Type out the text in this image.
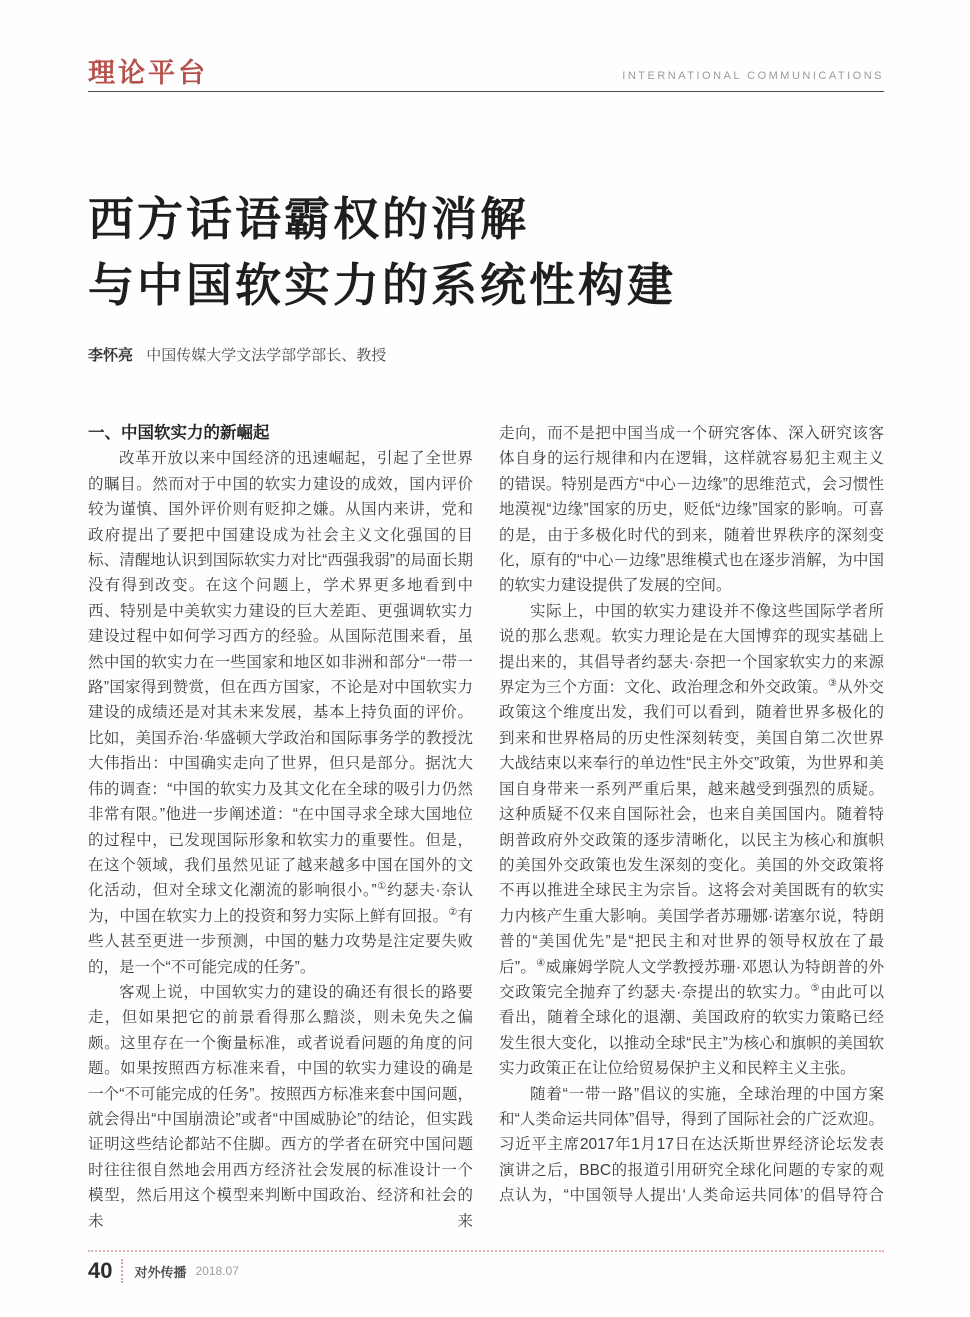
理论平台	INTERNATIONAL COMMUNICATIONS
西方话语霸权的消解
与中国软实力的系统性构建
李怀亮 中国传媒大学文法学部学部长、教授
一、中国软实力的新崛起

改革开放以来中国经济的迅速崛起，引起了全世界的瞩目。然而对于中国的软实力建设的成效，国内评价较为谨慎、国外评价则有贬抑之嫌。从国内来讲，党和政府提出了要把中国建设成为社会主义文化强国的目标、清醒地认识到国际软实力对比“西强我弱”的局面长期没有得到改变。在这个问题上，学术界更多地看到中西、特别是中美软实力建设的巨大差距、更强调软实力建设过程中如何学习西方的经验。从国际范围来看，虽然中国的软实力在一些国家和地区如非洲和部分“一带一路”国家得到赞赏，但在西方国家，不论是对中国软实力建设的成绩还是对其未来发展，基本上持负面的评价。比如，美国乔治·华盛顿大学政治和国际事务学的教授沈大伟指出：中国确实走向了世界，但只是部分。据沈大伟的调查：“中国的软实力及其文化在全球的吸引力仍然非常有限。”他进一步阐述道：“在中国寻求全球大国地位的过程中，已发现国际形象和软实力的重要性。但是，在这个领域，我们虽然见证了越来越多中国在国外的文化活动，但对全球文化潮流的影响很小。”①约瑟夫·奈认为，中国在软实力上的投资和努力实际上鲜有回报。②有些人甚至更进一步预测，中国的魅力攻势是注定要失败的，是一个“不可能完成的任务”。

客观上说，中国软实力的建设的确还有很长的路要走，但如果把它的前景看得那么黯淡，则未免失之偏颇。这里存在一个衡量标准，或者说看问题的角度的问题。如果按照西方标准来看，中国的软实力建设的确是一个“不可能完成的任务”。按照西方标准来套中国问题，就会得出“中国崩溃论”或者“中国威胁论”的结论，但实践证明这些结论都站不住脚。西方的学者在研究中国问题时往往很自然地会用西方经济社会发展的标准设计一个模型，然后用这个模型来判断中国政治、经济和社会的未来

走向，而不是把中国当成一个研究客体、深入研究该客体自身的运行规律和内在逻辑，这样就容易犯主观主义的错误。特别是西方“中心－边缘”的思维范式，会习惯性地漠视“边缘”国家的历史，贬低“边缘”国家的影响。可喜的是，由于多极化时代的到来，随着世界秩序的深刻变化，原有的“中心－边缘”思维模式也在逐步消解，为中国的软实力建设提供了发展的空间。

实际上，中国的软实力建设并不像这些国际学者所说的那么悲观。软实力理论是在大国博弈的现实基础上提出来的，其倡导者约瑟夫·奈把一个国家软实力的来源界定为三个方面：文化、政治理念和外交政策。③从外交政策这个维度出发，我们可以看到，随着世界多极化的到来和世界格局的历史性深刻转变，美国自第二次世界大战结束以来奉行的单边性“民主外交”政策，为世界和美国自身带来一系列严重后果，越来越受到强烈的质疑。这种质疑不仅来自国际社会，也来自美国国内。随着特朗普政府外交政策的逐步清晰化，以民主为核心和旗帜的美国外交政策也发生深刻的变化。美国的外交政策将不再以推进全球民主为宗旨。这将会对美国既有的软实力内核产生重大影响。美国学者苏珊娜·诺塞尔说，特朗普的“美国优先”是“把民主和对世界的领导权放在了最后”。④威廉姆学院人文学教授苏珊·邓恩认为特朗普的外交政策完全抛弃了约瑟夫·奈提出的软实力。⑤由此可以看出，随着全球化的退潮、美国政府的软实力策略已经发生很大变化，以推动全球“民主”为核心和旗帜的美国软实力政策正在让位给贸易保护主义和民粹主义主张。

随着“一带一路”倡议的实施，全球治理的中国方案和“人类命运共同体”倡导，得到了国际社会的广泛欢迎。习近平主席2017年1月17日在达沃斯世界经济论坛发表演讲之后，BBC的报道引用研究全球化问题的专家的观点认为，“中国领导人提出‘人类命运共同体’的倡导符合

40 对外传播 2018.07
